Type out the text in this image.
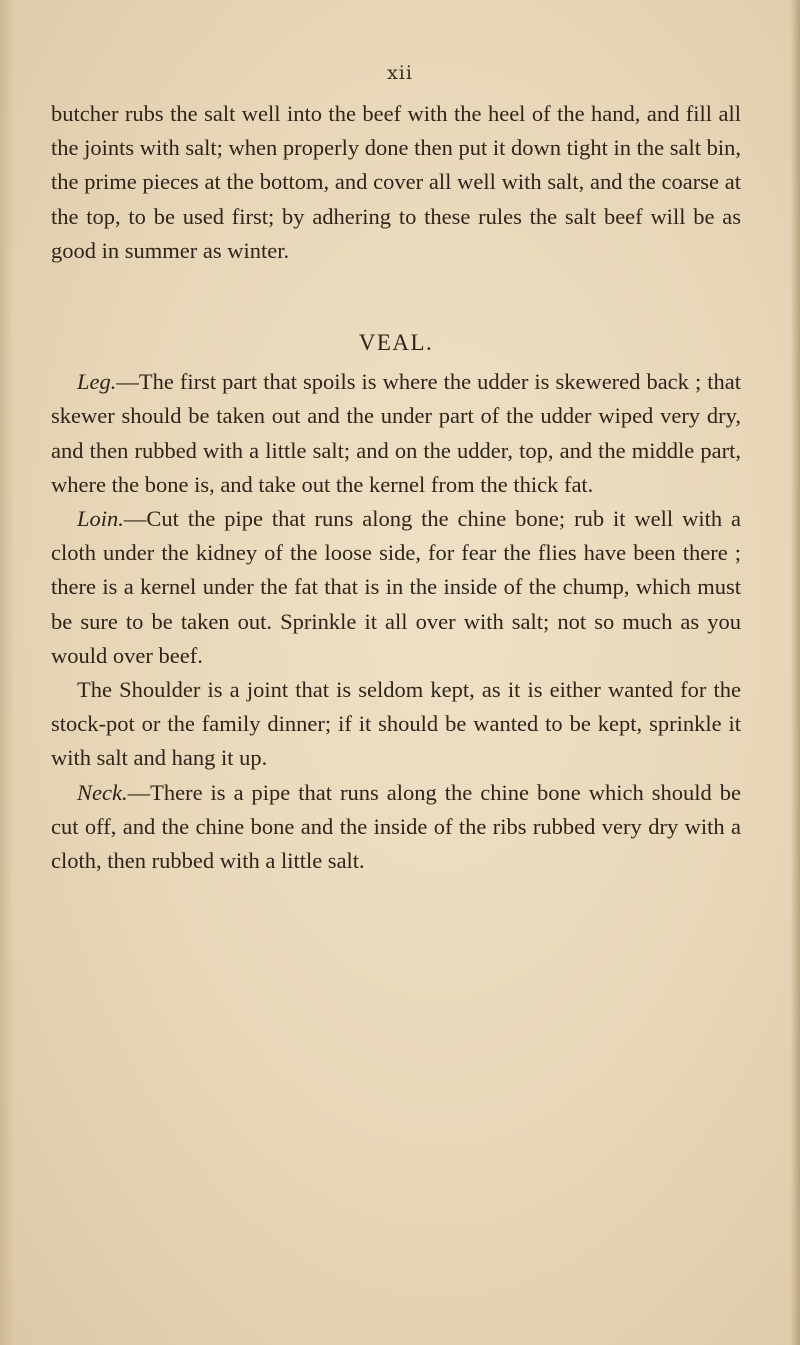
xii

butcher rubs the salt well into the beef with the heel of the hand, and fill all the joints with salt; when properly done then put it down tight in the salt bin, the prime pieces at the bottom, and cover all well with salt, and the coarse at the top, to be used first; by adhering to these rules the salt beef will be as good in summer as winter.

VEAL.

Leg.—The first part that spoils is where the udder is skewered back ; that skewer should be taken out and the under part of the udder wiped very dry, and then rubbed with a little salt; and on the udder, top, and the middle part, where the bone is, and take out the kernel from the thick fat.

Loin.—Cut the pipe that runs along the chine bone; rub it well with a cloth under the kidney of the loose side, for fear the flies have been there ; there is a kernel under the fat that is in the inside of the chump, which must be sure to be taken out. Sprinkle it all over with salt; not so much as you would over beef.

The Shoulder is a joint that is seldom kept, as it is either wanted for the stock-pot or the family dinner; if it should be wanted to be kept, sprinkle it with salt and hang it up.

Neck.—There is a pipe that runs along the chine bone which should be cut off, and the chine bone and the inside of the ribs rubbed very dry with a cloth, then rubbed with a little salt.
